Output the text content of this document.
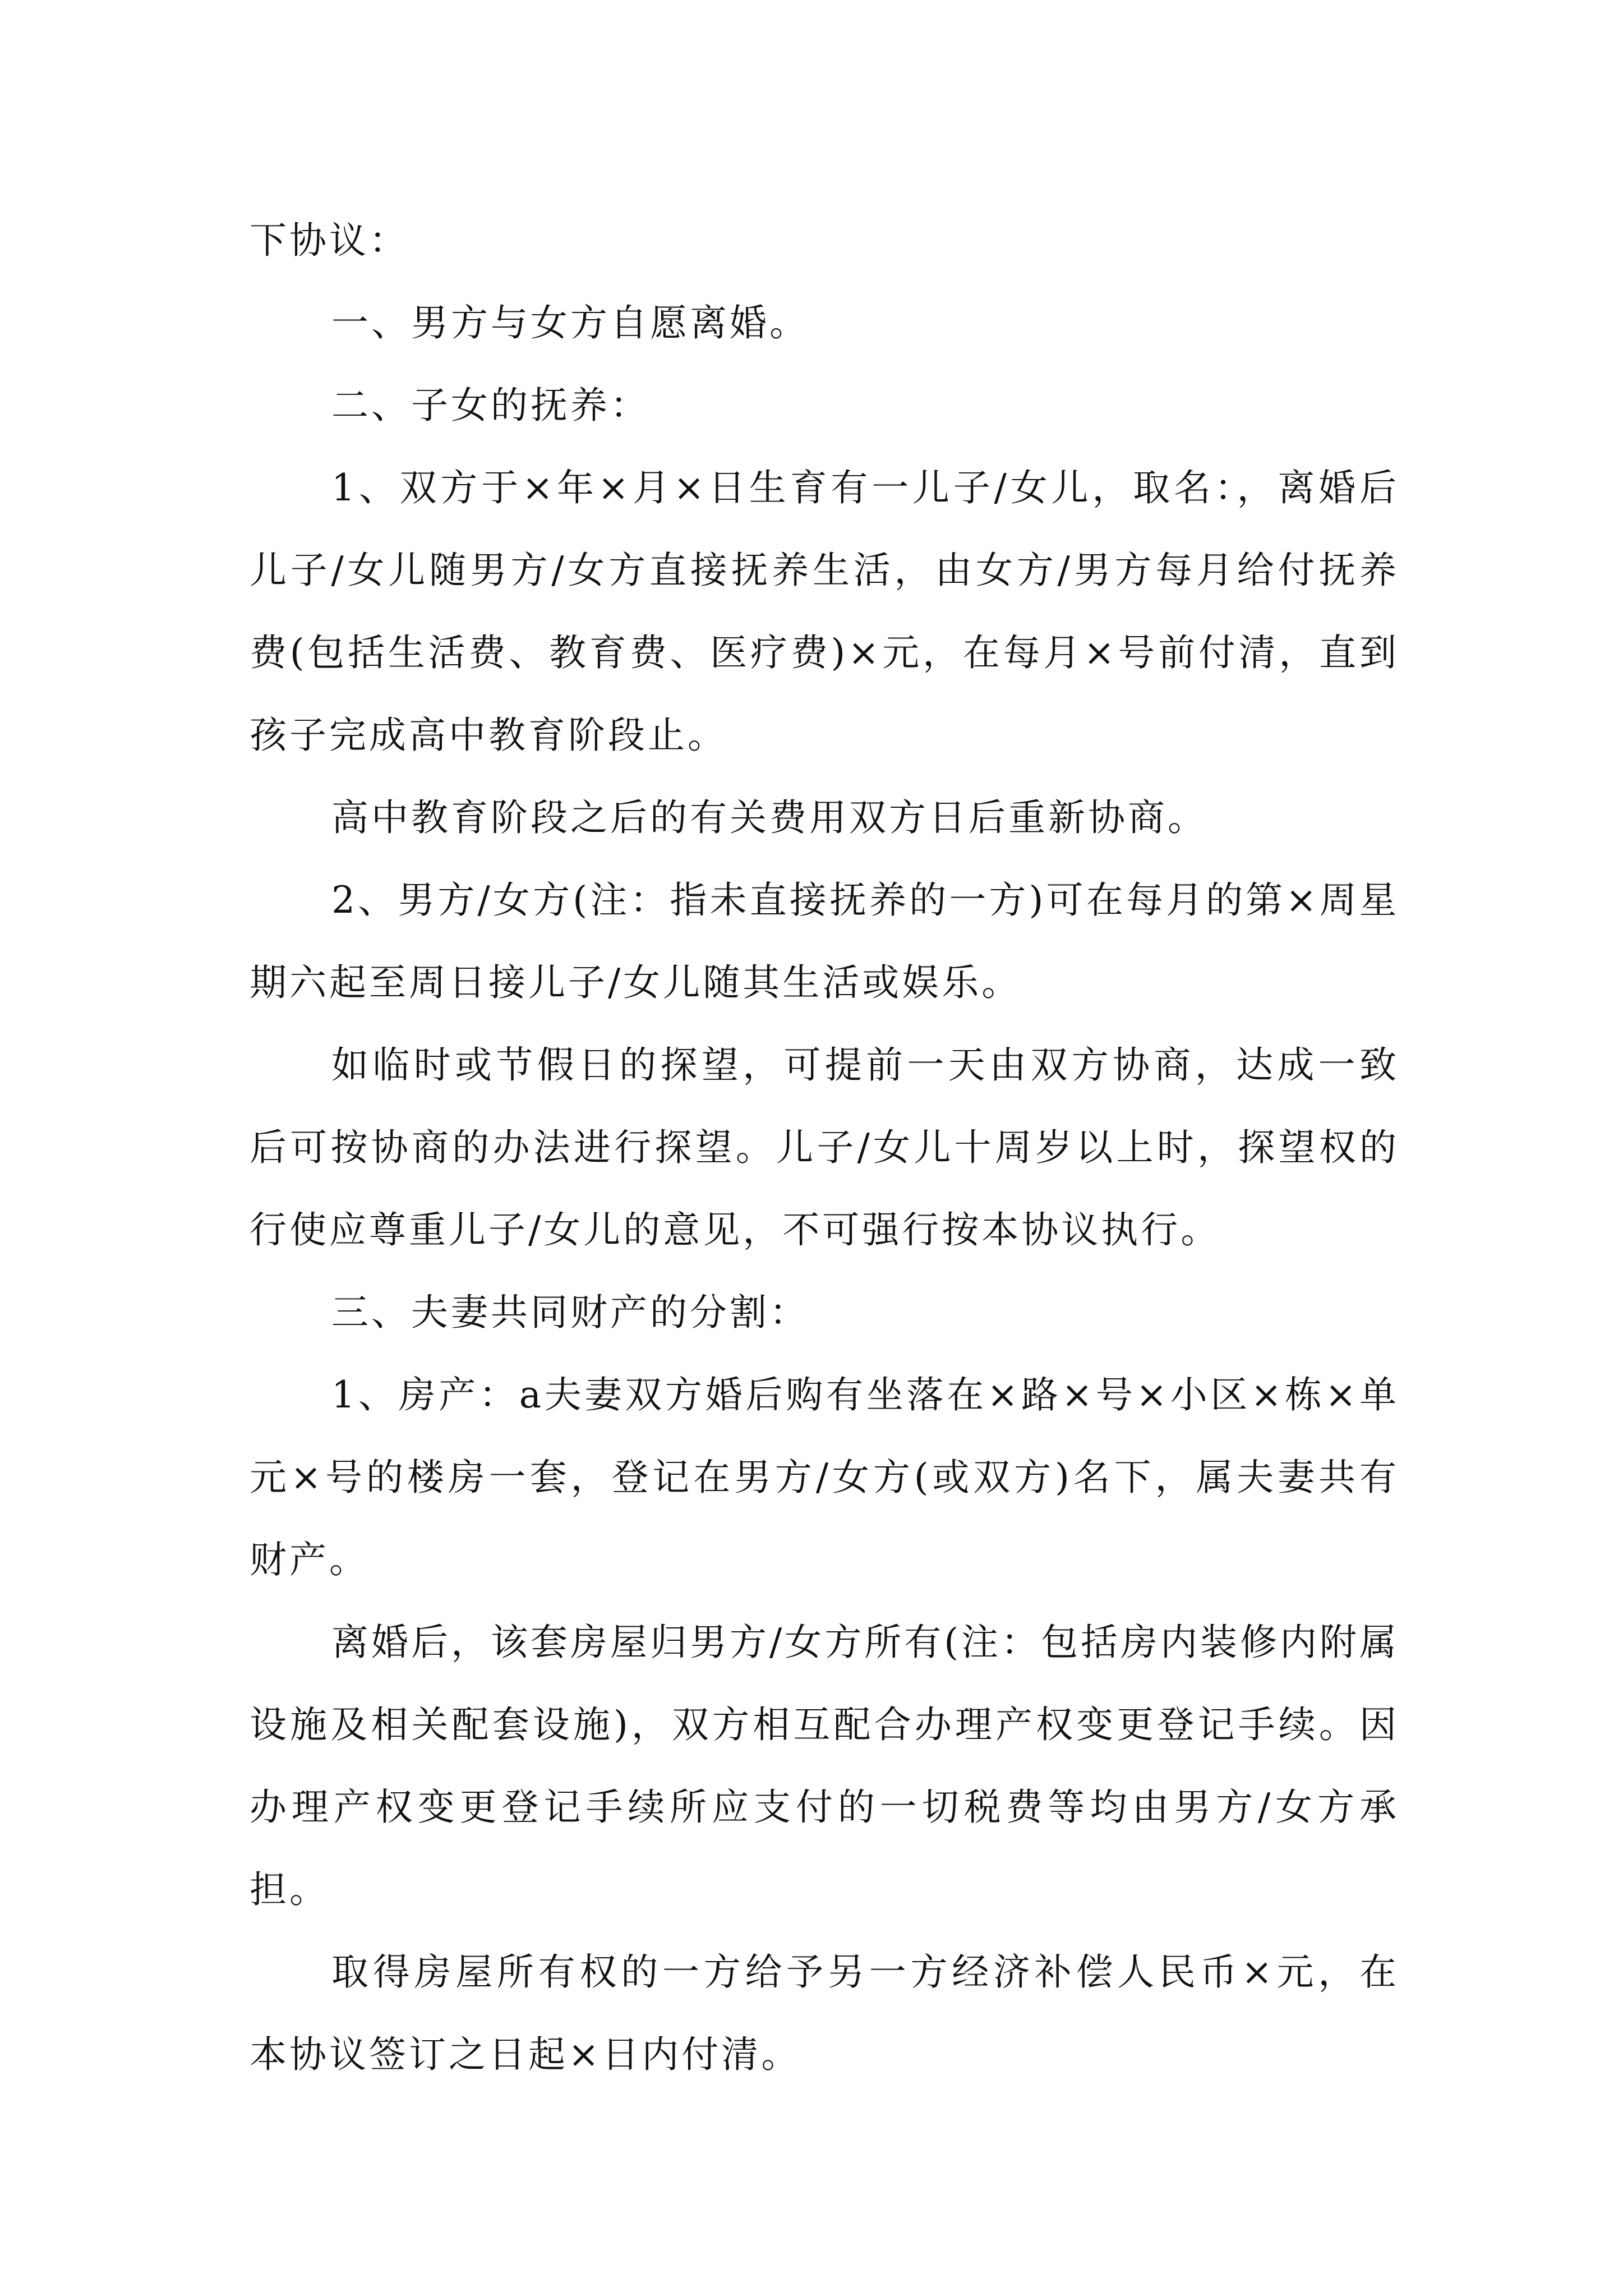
下协议：

一、男方与女方自愿离婚。

二、子女的抚养：

1、双方于×年×月×日生育有一儿子/女儿，取名：，离婚后儿子/女儿随男方/女方直接抚养生活，由女方/男方每月给付抚养费(包括生活费、教育费、医疗费)×元，在每月×号前付清，直到孩子完成高中教育阶段止。

高中教育阶段之后的有关费用双方日后重新协商。

2、男方/女方(注：指未直接抚养的一方)可在每月的第×周星期六起至周日接儿子/女儿随其生活或娱乐。

如临时或节假日的探望，可提前一天由双方协商，达成一致后可按协商的办法进行探望。儿子/女儿十周岁以上时，探望权的行使应尊重儿子/女儿的意见，不可强行按本协议执行。

三、夫妻共同财产的分割：

1、房产：a夫妻双方婚后购有坐落在×路×号×小区×栋×单元×号的楼房一套，登记在男方/女方(或双方)名下，属夫妻共有财产。

离婚后，该套房屋归男方/女方所有(注：包括房内装修内附属设施及相关配套设施)，双方相互配合办理产权变更登记手续。因办理产权变更登记手续所应支付的一切税费等均由男方/女方承担。

取得房屋所有权的一方给予另一方经济补偿人民币×元，在本协议签订之日起×日内付清。
